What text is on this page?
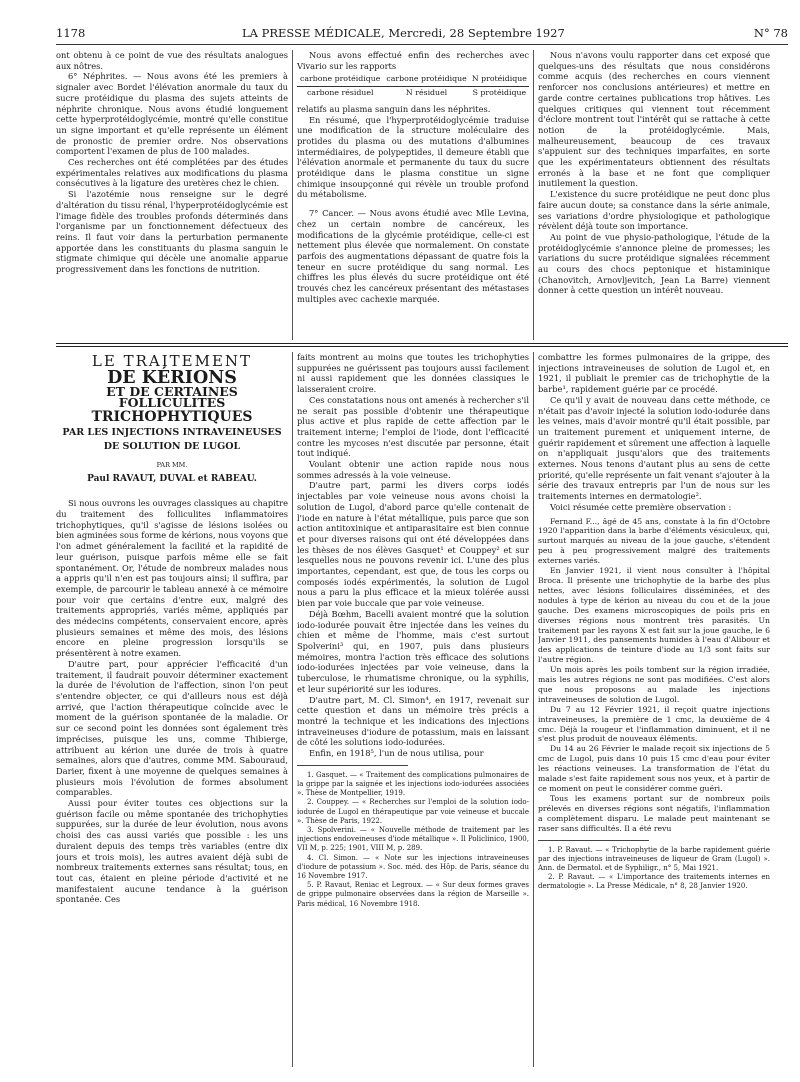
1178	LA PRESSE MÉDICALE, Mercredi, 28 Septembre 1927	N° 78

ont obtenu à ce point de vue des résultats analogues aux nôtres.

6° Néphrites. — Nous avons été les premiers à signaler avec Bordet l'élévation anormale du taux du sucre protéidique du plasma des sujets atteints de néphrite chronique. Nous avons étudié longuement cette hyperprotéidoglycémie, montré qu'elle constitue un signe important et qu'elle représente un élément de pronostic de premier ordre. Nos observations comportent l'examen de plus de 100 malades.

Ces recherches ont été complétées par des études expérimentales relatives aux modifications du plasma consécutives à la ligature des uretères chez le chien.

Si l'azotémie nous renseigne sur le degré d'altération du tissu rénal, l'hyperprotéidoglycémie est l'image fidèle des troubles profonds déterminés dans l'organisme par un fonctionnement défectueux des reins. Il faut voir dans la perturbation permanente apportée dans les constituants du plasma sanguin le stigmate chimique qui décèle une anomalie apparue progressivement dans les fonctions de nutrition.

Nous avons effectué enfin des recherches avec Vivario sur les rapports

carbone protéidique	carbone protéidique	N protéidique
carbone résiduel	N résiduel	S protéidique

relatifs au plasma sanguin dans les néphrites.

En résumé, que l'hyperprotéidoglycémie traduise une modification de la structure moléculaire des protides du plasma ou des mutations d'albumines intermédiaires, de polypeptides, il demeure établi que l'élévation anormale et permanente du taux du sucre protéidique dans le plasma constitue un signe chimique insoupçonné qui révèle un trouble profond du métabolisme.

7° Cancer. — Nous avons étudié avec Mlle Levina, chez un certain nombre de cancéreux, les modifications de la glycémie protéidique, celle-ci est nettement plus élevée que normalement. On constate parfois des augmentations dépassant de quatre fois la teneur en sucre protéidique du sang normal. Les chiffres les plus élevés du sucre protéidique ont été trouvés chez les cancéreux présentant des métastases multiples avec cachexie marquée.

Nous n'avons voulu rapporter dans cet exposé que quelques-uns des résultats que nous considérons comme acquis (des recherches en cours viennent renforcer nos conclusions antérieures) et mettre en garde contre certaines publications trop hâtives. Les quelques critiques qui viennent tout récemment d'éclore montrent tout l'intérêt qui se rattache à cette notion de la protéidoglycémie. Mais, malheureusement, beaucoup de ces travaux s'appuient sur des techniques imparfaites, en sorte que les expérimentateurs obtiennent des résultats erronés à la base et ne font que compliquer inutilement la question.

L'existence du sucre protéidique ne peut donc plus faire aucun doute; sa constance dans la série animale, ses variations d'ordre physiologique et pathologique révèlent déjà toute son importance.

Au point de vue physio-pathologique, l'étude de la protéidoglycémie s'annonce pleine de promesses; les variations du sucre protéidique signalées récemment au cours des chocs peptonique et histaminique (Chanovitch, Arnovljevitch, Jean La Barre) viennent donner à cette question un intérêt nouveau.

LE TRAITEMENT
DE KÉRIONS
ET DE CERTAINES FOLLICULITES
TRICHOPHYTIQUES
PAR LES INJECTIONS INTRAVEINEUSES
DE SOLUTION DE LUGOL
PAR MM.
Paul RAVAUT, DUVAL et RABEAU.

Si nous ouvrons les ouvrages classiques au chapitre du traitement des folliculites inflammatoires trichophytiques, qu'il s'agisse de lésions isolées ou bien agminées sous forme de kérions, nous voyons que l'on admet généralement la facilité et la rapidité de leur guérison, puisque parfois même elle se fait spontanément. Or, l'étude de nombreux malades nous a appris qu'il n'en est pas toujours ainsi; il suffira, par exemple, de parcourir le tableau annexé à ce mémoire pour voir que certains d'entre eux, malgré des traitements appropriés, variés même, appliqués par des médecins compétents, conservaient encore, après plusieurs semaines et même des mois, des lésions encore en pleine progression lorsqu'ils se présentèrent à notre examen.

D'autre part, pour apprécier l'efficacité d'un traitement, il faudrait pouvoir déterminer exactement la durée de l'évolution de l'affection, sinon l'on peut s'entendre objecter, ce qui d'ailleurs nous est déjà arrivé, que l'action thérapeutique coïncide avec le moment de la guérison spontanée de la maladie. Or sur ce second point les données sont également très imprécises, puisque les uns, comme Thibierge, attribuent au kérion une durée de trois à quatre semaines, alors que d'autres, comme MM. Sabouraud, Darier, fixent à une moyenne de quelques semaines à plusieurs mois l'évolution de formes absolument comparables.

Aussi pour éviter toutes ces objections sur la guérison facile ou même spontanée des trichophyties suppurées, sur la durée de leur évolution, nous avons choisi des cas aussi variés que possible : les uns duraient depuis des temps très variables (entre dix jours et trois mois), les autres avaient déjà subi de nombreux traitements externes sans résultat; tous, en tout cas, étaient en pleine période d'activité et ne manifestaient aucune tendance à la guérison spontanée. Ces

faits montrent au moins que toutes les trichophyties suppurées ne guérissent pas toujours aussi facilement ni aussi rapidement que les données classiques le laisseraient croire.

Ces constatations nous ont amenés à rechercher s'il ne serait pas possible d'obtenir une thérapeutique plus active et plus rapide de cette affection par le traitement interne; l'emploi de l'iode, dont l'efficacité contre les mycoses n'est discutée par personne, était tout indiqué.

Voulant obtenir une action rapide nous nous sommes adressés à la voie veineuse.

D'autre part, parmi les divers corps iodés injectables par voie veineuse nous avons choisi la solution de Lugol, d'abord parce qu'elle contenait de l'iode en nature à l'état métallique, puis parce que son action antitoxinique et antiparasitaire est bien connue et pour diverses raisons qui ont été développées dans les thèses de nos élèves Gasquet¹ et Couppey² et sur lesquelles nous ne pouvons revenir ici. L'une des plus importantes, cependant, est que, de tous les corps ou composés iodés expérimentés, la solution de Lugol nous a paru la plus efficace et la mieux tolérée aussi bien par voie buccale que par voie veineuse.

Déjà Bœhm, Bacelli avaient montré que la solution iodo-iodurée pouvait être injectée dans les veines du chien et même de l'homme, mais c'est surtout Spolverini³ qui, en 1907, puis dans plusieurs mémoires, montra l'action très efficace des solutions iodo-iodurées injectées par voie veineuse, dans la tuberculose, le rhumatisme chronique, ou la syphilis, et leur supériorité sur les iodures.

D'autre part, M. Cl. Simon⁴, en 1917, revenait sur cette question et dans un mémoire très précis a montré la technique et les indications des injections intraveineuses d'iodure de potassium, mais en laissant de côté les solutions iodo-iodurées.

Enfin, en 1918⁵, l'un de nous utilisa, pour

1. Gasquet. — « Traitement des complications pulmonaires de la grippe par la saignée et les injections iodo-iodurées associées ». Thèse de Montpellier, 1919.

2. Couppey. — « Recherches sur l'emploi de la solution iodo-iodurée de Lugol en thérapeutique par voie veineuse et buccale ». Thèse de Paris, 1922.

3. Spolverini. — « Nouvelle méthode de traitement par les injections endoveineuses d'iode métallique ». Il Policlinico, 1900, VII M, p. 225; 1901, VIII M, p. 289.

4. Cl. Simon. — « Note sur les injections intraveineuses d'iodure de potassium ». Soc. méd. des Hôp. de Paris, séance du 16 Novembre 1917.

5. P. Ravaut, Reniac et Legroux. — « Sur deux formes graves de grippe pulmonaire observées dans la région de Marseille ». Paris médical, 16 Novembre 1918.

combattre les formes pulmonaires de la grippe, des injections intraveineuses de solution de Lugol et, en 1921, il publiait le premier cas de trichophytie de la barbe¹, rapidement guérie par ce procédé.

Ce qu'il y avait de nouveau dans cette méthode, ce n'était pas d'avoir injecté la solution iodo-iodurée dans les veines, mais d'avoir montré qu'il était possible, par un traitement purement et uniquement interne, de guérir rapidement et sûrement une affection à laquelle on n'appliquait jusqu'alors que des traitements externes. Nous tenons d'autant plus au sens de cette priorité, qu'elle représente un fait venant s'ajouter à la série des travaux entrepris par l'un de nous sur les traitements internes en dermatologie².

Voici résumée cette première observation :

Fernand F..., âgé de 45 ans, constate à la fin d'Octobre 1920 l'apparition dans la barbe d'éléments vésiculeux, qui, surtout marqués au niveau de la joue gauche, s'étendent peu à peu progressivement malgré des traitements externes variés.

En Janvier 1921, il vient nous consulter à l'hôpital Broca. Il présente une trichophytie de la barbe des plus nettes, avec lésions folliculaires disséminées, et des nodules à type de kérion au niveau du cou et de la joue gauche. Des examens microscopiques de poils pris en diverses régions nous montrent très parasités. Un traitement par les rayons X est fait sur la joue gauche, le 6 Janvier 1911, des pansements humides à l'eau d'Alibour et des applications de teinture d'iode au 1/3 sont faits sur l'autre région.

Un mois après les poils tombent sur la région irradiée, mais les autres régions ne sont pas modifiées. C'est alors que nous proposons au malade les injections intraveineuses de solution de Lugol.

Du 7 au 12 Février 1921, il reçoit quatre injections intraveineuses, la première de 1 cmc, la deuxième de 4 cmc. Déjà la rougeur et l'inflammation diminuent, et il ne s'est plus produit de nouveaux éléments.

Du 14 au 26 Février le malade reçoit six injections de 5 cmc de Lugol, puis dans 10 puis 15 cmc d'eau pour éviter les réactions veineuses. La transformation de l'état du malade s'est faite rapidement sous nos yeux, et à partir de ce moment on peut le considérer comme guéri.

Tous les examens portant sur de nombreux poils prélevés en diverses régions sont négatifs, l'inflammation a complètement disparu. Le malade peut maintenant se raser sans difficultés. Il a été revu

1. P. Ravaut. — « Trichophytie de la barbe rapidement guérie par des injections intraveineuses de liqueur de Gram (Lugol) ». Ann. de Dermatol. et de Syphiligr., n° 5, Mai 1921.

2. P. Ravaut. — « L'importance des traitements internes en dermatologie ». La Presse Médicale, n° 8, 28 Janvier 1920.
